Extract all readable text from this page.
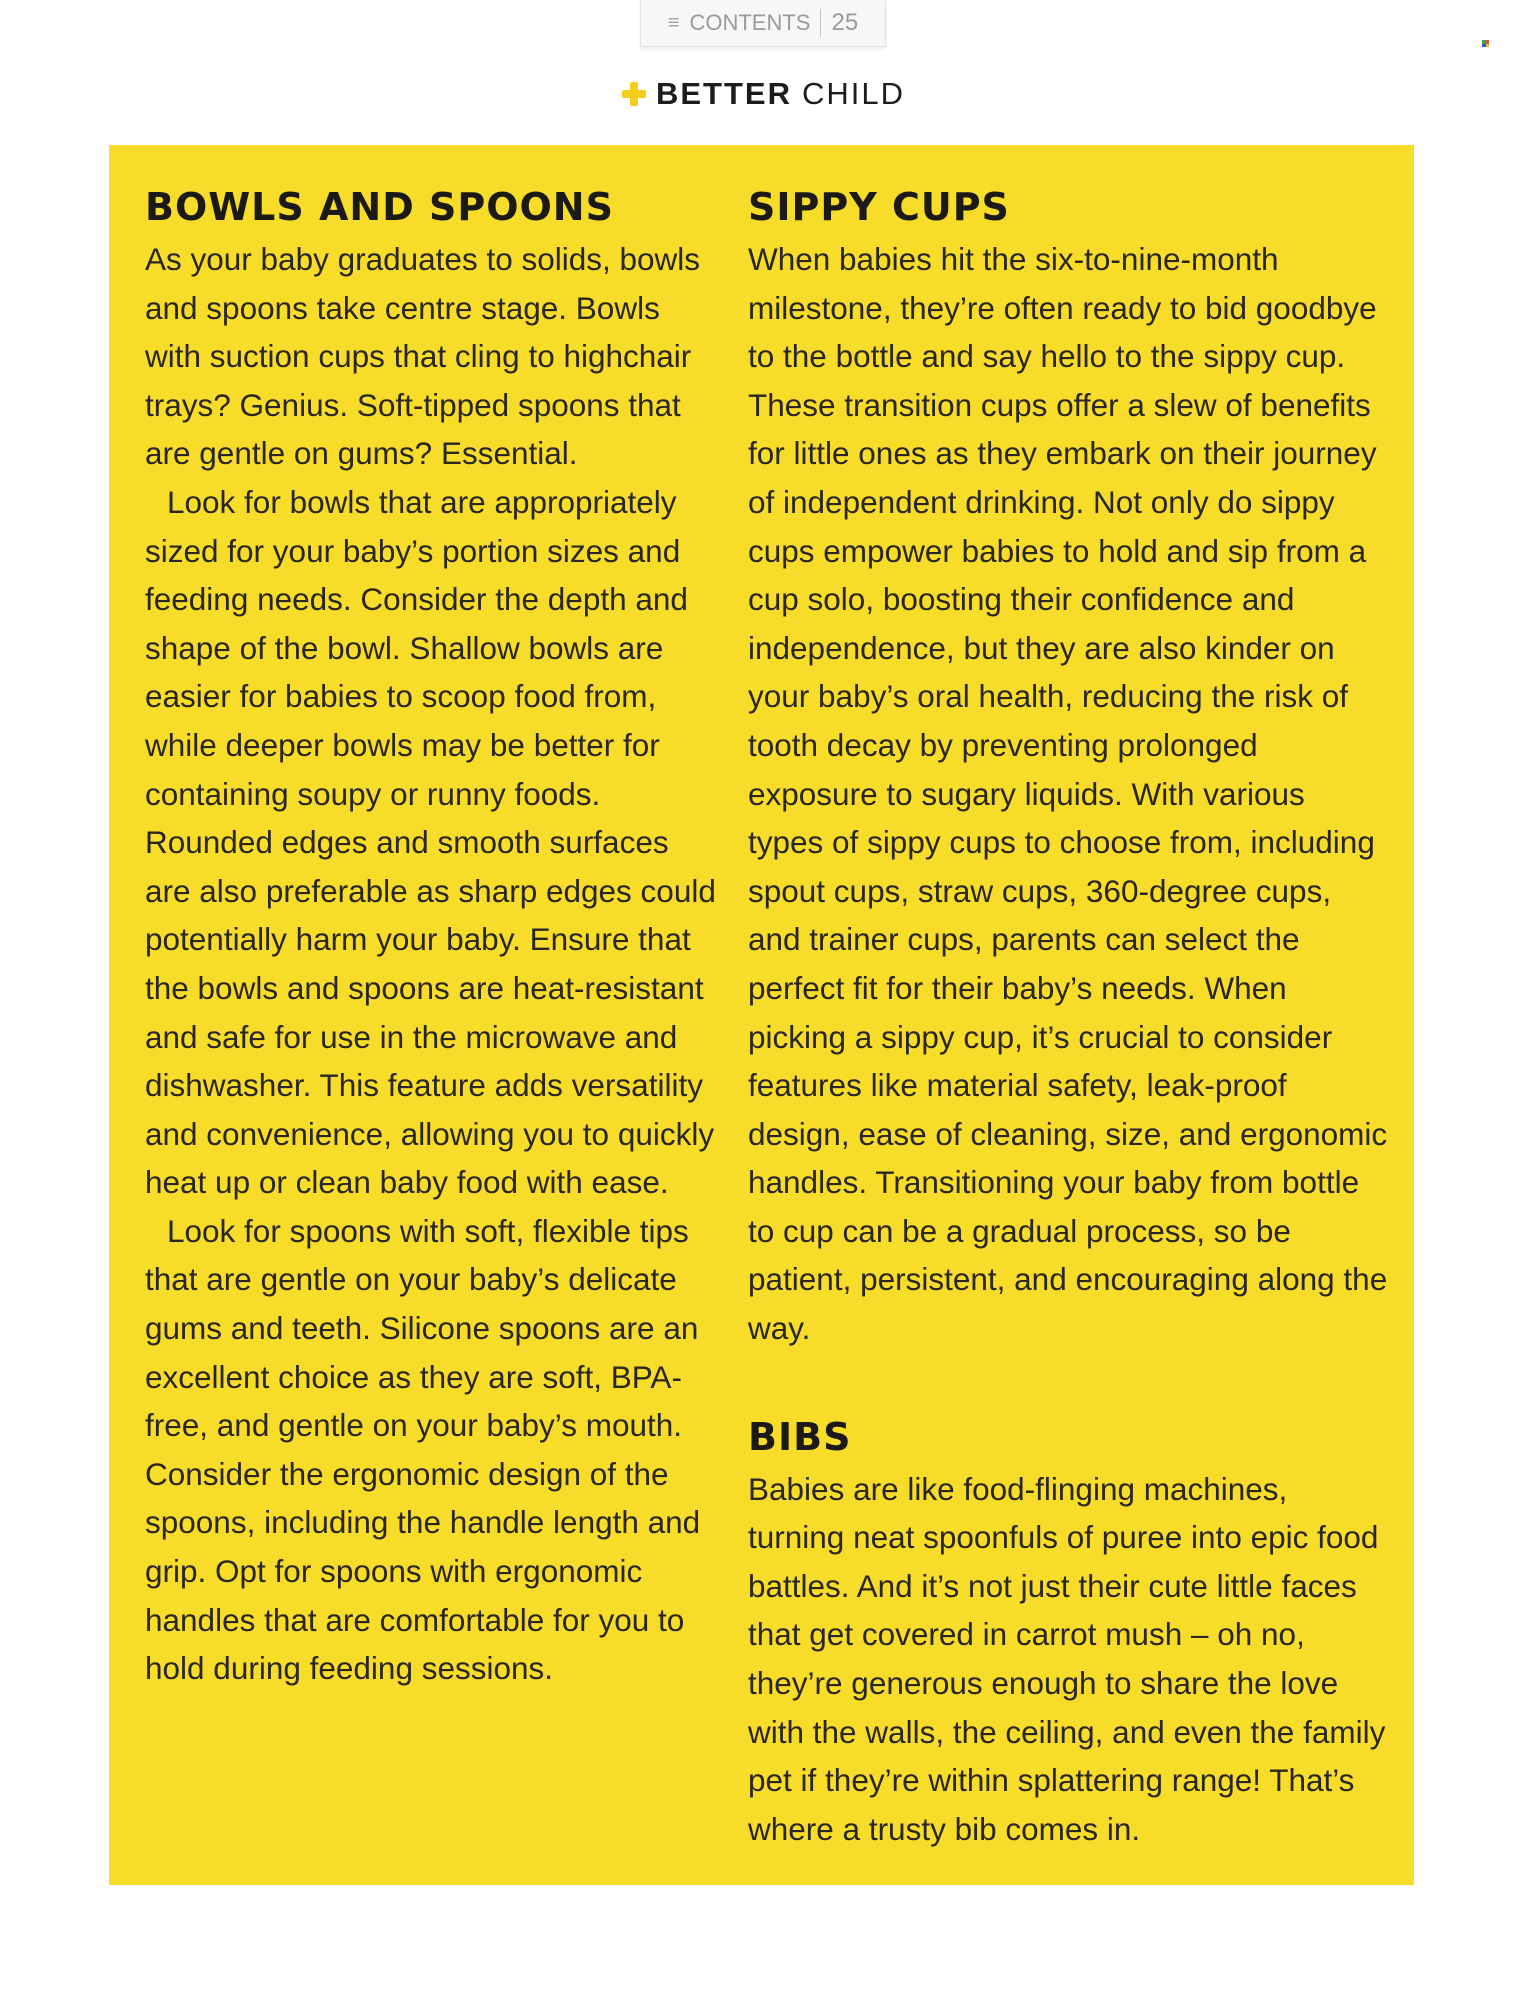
≡ CONTENTS 25
BETTER CHILD
BOWLS AND SPOONS

As your baby graduates to solids, bowls and spoons take centre stage. Bowls with suction cups that cling to highchair trays? Genius. Soft-tipped spoons that are gentle on gums? Essential.

Look for bowls that are appropriately sized for your baby’s portion sizes and feeding needs. Consider the depth and shape of the bowl. Shallow bowls are easier for babies to scoop food from, while deeper bowls may be better for containing soupy or runny foods. Rounded edges and smooth surfaces are also preferable as sharp edges could potentially harm your baby. Ensure that the bowls and spoons are heat-resistant and safe for use in the microwave and dishwasher. This feature adds versatility and convenience, allowing you to quickly heat up or clean baby food with ease.

Look for spoons with soft, flexible tips that are gentle on your baby’s delicate gums and teeth. Silicone spoons are an excellent choice as they are soft, BPA-free, and gentle on your baby’s mouth. Consider the ergonomic design of the spoons, including the handle length and grip. Opt for spoons with ergonomic handles that are comfortable for you to hold during feeding sessions.

SIPPY CUPS

When babies hit the six-to-nine-month milestone, they’re often ready to bid goodbye to the bottle and say hello to the sippy cup. These transition cups offer a slew of benefits for little ones as they embark on their journey of independent drinking. Not only do sippy cups empower babies to hold and sip from a cup solo, boosting their confidence and independence, but they are also kinder on your baby’s oral health, reducing the risk of tooth decay by preventing prolonged exposure to sugary liquids. With various types of sippy cups to choose from, including spout cups, straw cups, 360-degree cups, and trainer cups, parents can select the perfect fit for their baby’s needs. When picking a sippy cup, it’s crucial to consider features like material safety, leak-proof design, ease of cleaning, size, and ergonomic handles. Transitioning your baby from bottle to cup can be a gradual process, so be patient, persistent, and encouraging along the way.

BIBS

Babies are like food-flinging machines, turning neat spoonfuls of puree into epic food battles. And it’s not just their cute little faces that get covered in carrot mush – oh no, they’re generous enough to share the love with the walls, the ceiling, and even the family pet if they’re within splattering range! That’s where a trusty bib comes in.
